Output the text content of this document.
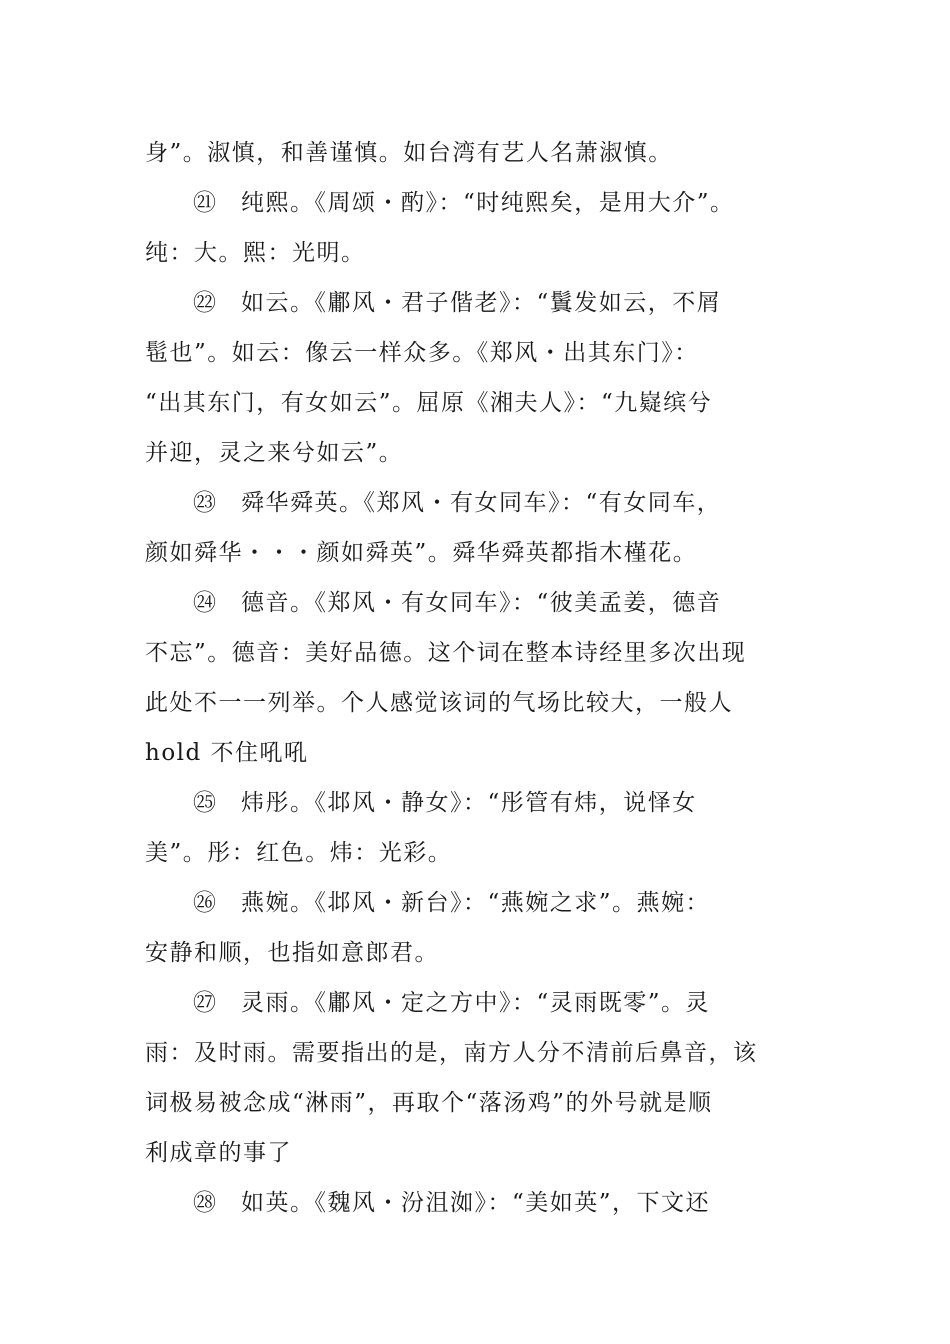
身”。淑慎，和善谨慎。如台湾有艺人名萧淑慎。
㉑ 纯熙。《周颂・酌》：“时纯熙矣，是用大介”。
纯：大。熙：光明。
㉒ 如云。《鄘风・君子偕老》：“鬒发如云，不屑
髢也”。如云：像云一样众多。《郑风・出其东门》：
“出其东门，有女如云”。屈原《湘夫人》：“九嶷缤兮
并迎，灵之来兮如云”。
㉓ 舜华舜英。《郑风・有女同车》：“有女同车，
颜如舜华・・・颜如舜英”。舜华舜英都指木槿花。
㉔ 德音。《郑风・有女同车》：“彼美孟姜，德音
不忘”。德音：美好品德。这个词在整本诗经里多次出现
此处不一一列举。个人感觉该词的气场比较大，一般人
hold 不住吼吼
㉕ 炜彤。《邶风・静女》：“彤管有炜，说怿女
美”。彤：红色。炜：光彩。
㉖ 燕婉。《邶风・新台》：“燕婉之求”。燕婉：
安静和顺，也指如意郎君。
㉗ 灵雨。《鄘风・定之方中》：“灵雨既零”。灵
雨：及时雨。需要指出的是，南方人分不清前后鼻音，该
词极易被念成“淋雨”，再取个“落汤鸡”的外号就是顺
利成章的事了
㉘ 如英。《魏风・汾沮洳》：“美如英”，下文还
